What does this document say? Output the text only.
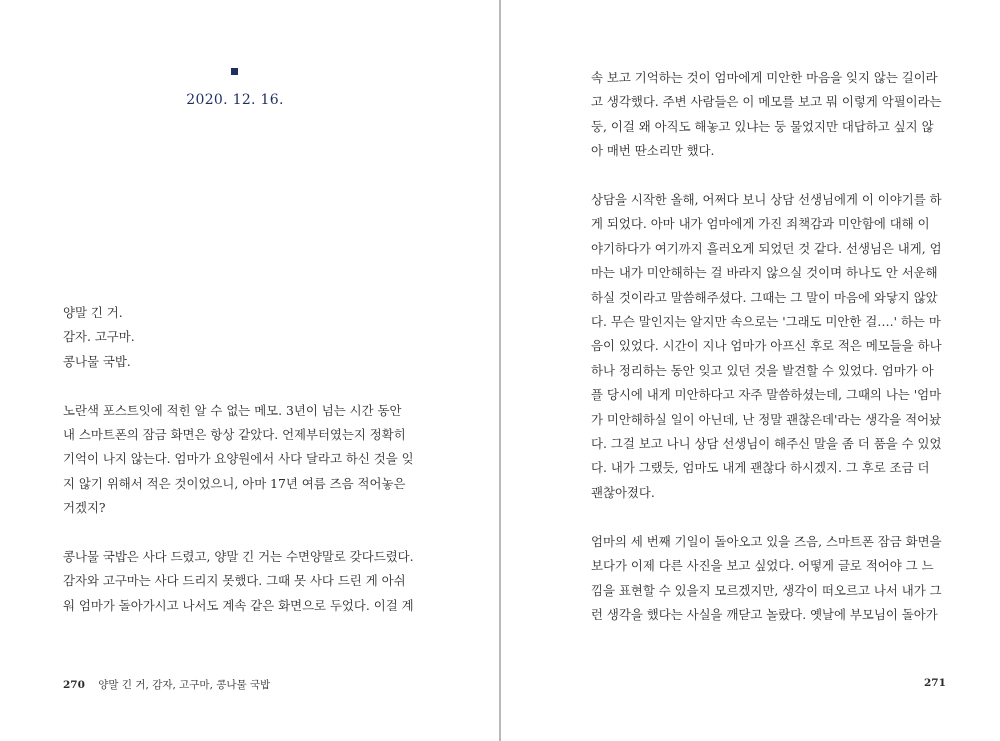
2020. 12. 16.
양말 긴 거.
감자. 고구마.
콩나물 국밥.

노란색 포스트잇에 적힌 알 수 없는 메모. 3년이 넘는 시간 동안
내 스마트폰의 잠금 화면은 항상 같았다. 언제부터였는지 정확히
기억이 나지 않는다. 엄마가 요양원에서 사다 달라고 하신 것을 잊
지 않기 위해서 적은 것이었으니, 아마 17년 여름 즈음 적어놓은
거겠지?

콩나물 국밥은 사다 드렸고, 양말 긴 거는 수면양말로 갖다드렸다.
감자와 고구마는 사다 드리지 못했다. 그때 못 사다 드린 게 아쉬
워 엄마가 돌아가시고 나서도 계속 같은 화면으로 두었다. 이걸 계

270 양말 긴 거, 감자, 고구마, 콩나물 국밥

속 보고 기억하는 것이 엄마에게 미안한 마음을 잊지 않는 길이라
고 생각했다. 주변 사람들은 이 메모를 보고 뭐 이렇게 악필이라는
둥, 이걸 왜 아직도 해놓고 있냐는 둥 물었지만 대답하고 싶지 않
아 매번 딴소리만 했다.

상담을 시작한 올해, 어쩌다 보니 상담 선생님에게 이 이야기를 하
게 되었다. 아마 내가 엄마에게 가진 죄책감과 미안함에 대해 이
야기하다가 여기까지 흘러오게 되었던 것 같다. 선생님은 내게, 엄
마는 내가 미안해하는 걸 바라지 않으실 것이며 하나도 안 서운해
하실 것이라고 말씀해주셨다. 그때는 그 말이 마음에 와닿지 않았
다. 무슨 말인지는 알지만 속으로는 '그래도 미안한 걸….' 하는 마
음이 있었다. 시간이 지나 엄마가 아프신 후로 적은 메모들을 하나
하나 정리하는 동안 잊고 있던 것을 발견할 수 있었다. 엄마가 아
플 당시에 내게 미안하다고 자주 말씀하셨는데, 그때의 나는 '엄마
가 미안해하실 일이 아닌데, 난 정말 괜찮은데'라는 생각을 적어놨
다. 그걸 보고 나니 상담 선생님이 해주신 말을 좀 더 품을 수 있었
다. 내가 그랬듯, 엄마도 내게 괜찮다 하시겠지. 그 후로 조금 더
괜찮아졌다.

엄마의 세 번째 기일이 돌아오고 있을 즈음, 스마트폰 잠금 화면을
보다가 이제 다른 사진을 보고 싶었다. 어떻게 글로 적어야 그 느
낌을 표현할 수 있을지 모르겠지만, 생각이 떠오르고 나서 내가 그
런 생각을 했다는 사실을 깨닫고 놀랐다. 옛날에 부모님이 돌아가

271
